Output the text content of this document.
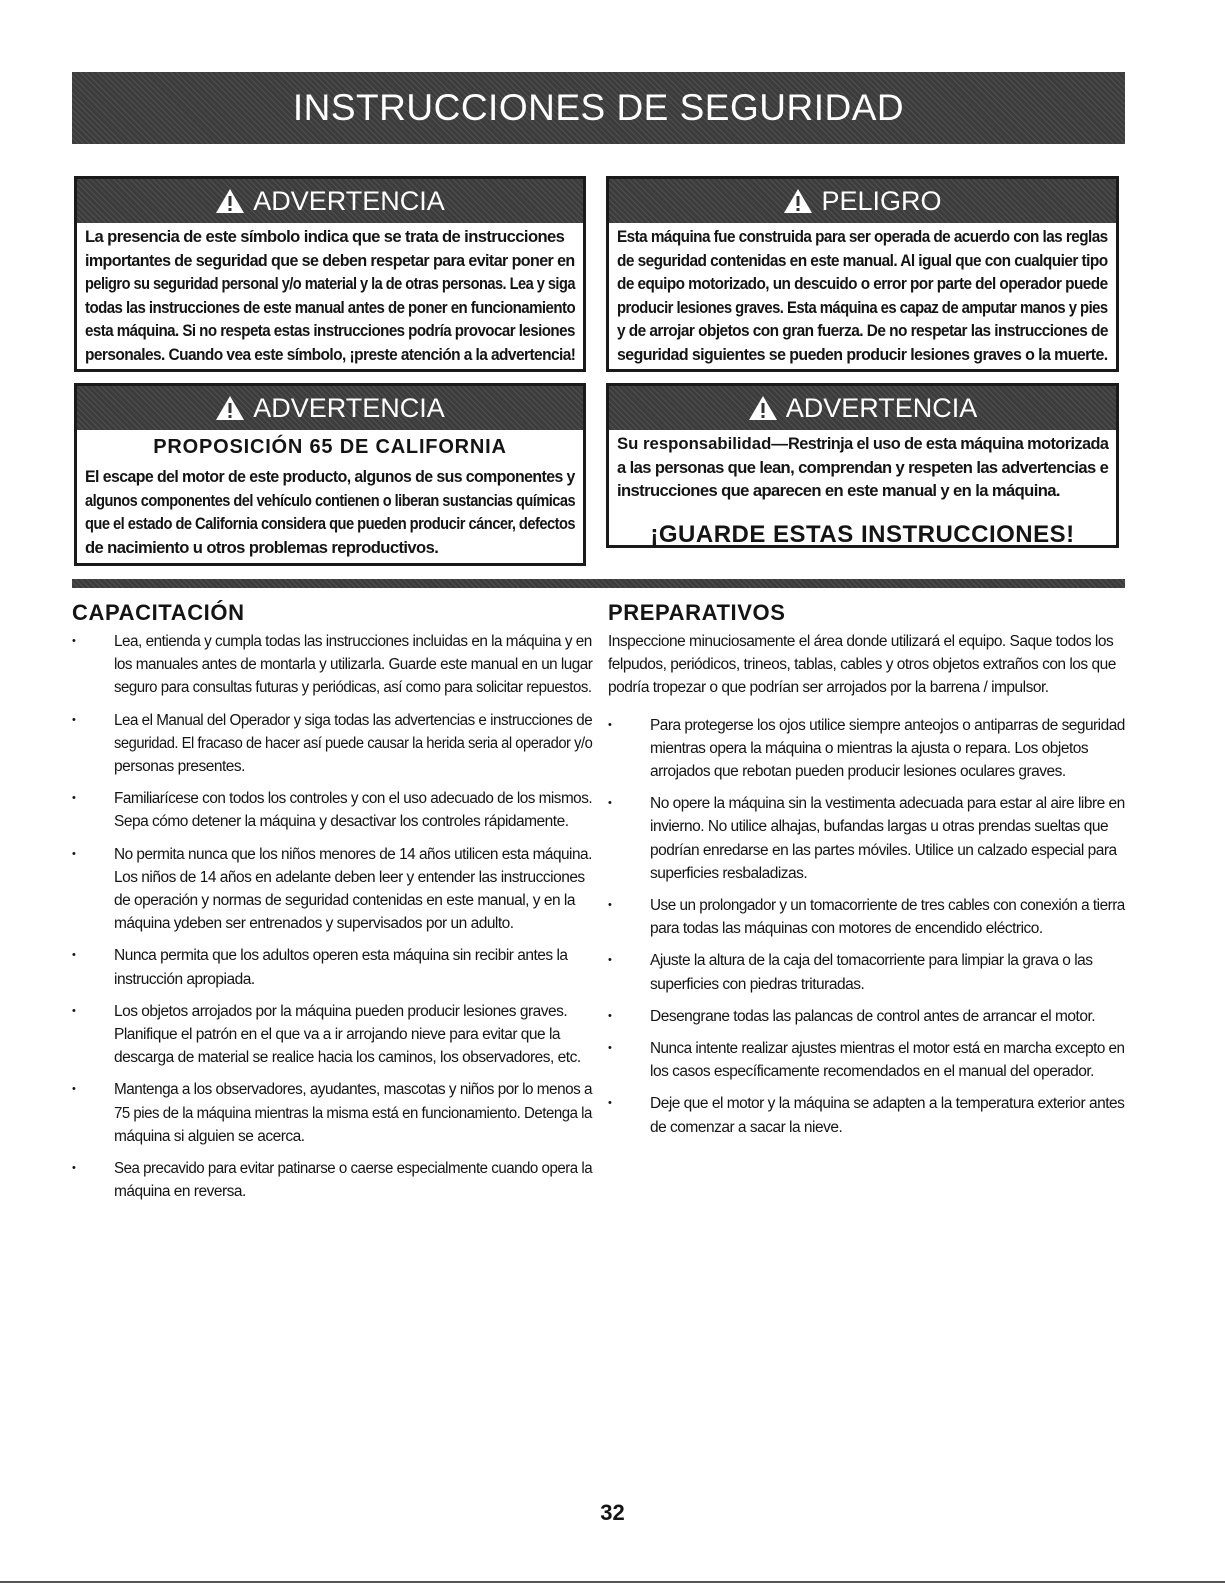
INSTRUCCIONES DE SEGURIDAD
ADVERTENCIA
La presencia de este símbolo indica que se trata de instrucciones
importantes de seguridad que se deben respetar para evitar poner en
peligro su seguridad personal y/o material y la de otras personas. Lea y siga
todas las instrucciones de este manual antes de poner en funcionamiento
esta máquina. Si no respeta estas instrucciones podría provocar lesiones
personales. Cuando vea este símbolo, ¡preste atención a la advertencia!
PELIGRO
Esta máquina fue construida para ser operada de acuerdo con las reglas
de seguridad contenidas en este manual. Al igual que con cualquier tipo
de equipo motorizado, un descuido o error por parte del operador puede
producir lesiones graves. Esta máquina es capaz de amputar manos y pies
y de arrojar objetos con gran fuerza. De no respetar las instrucciones de
seguridad siguientes se pueden producir lesiones graves o la muerte.
ADVERTENCIA
PROPOSICIÓN 65 DE CALIFORNIA
El escape del motor de este producto, algunos de sus componentes y
algunos componentes del vehículo contienen o liberan sustancias químicas
que el estado de California considera que pueden producir cáncer, defectos
de nacimiento u otros problemas reproductivos.
ADVERTENCIA
Su responsabilidad—Restrinja el uso de esta máquina motorizada
a las personas que lean, comprendan y respeten las advertencias e
instrucciones que aparecen en este manual y en la máquina.
¡GUARDE ESTAS INSTRUCCIONES!
CAPACITACIÓN
• Lea, entienda y cumpla todas las instrucciones incluidas en la máquina y en
los manuales antes de montarla y utilizarla. Guarde este manual en un lugar
seguro para consultas futuras y periódicas, así como para solicitar repuestos.
• Lea el Manual del Operador y siga todas las advertencias e instrucciones de
seguridad. El fracaso de hacer así puede causar la herida seria al operador y/o
personas presentes.
• Familiarícese con todos los controles y con el uso adecuado de los mismos.
Sepa cómo detener la máquina y desactivar los controles rápidamente.
• No permita nunca que los niños menores de 14 años utilicen esta máquina.
Los niños de 14 años en adelante deben leer y entender las instrucciones
de operación y normas de seguridad contenidas en este manual, y en la
máquina ydeben ser entrenados y supervisados por un adulto.
• Nunca permita que los adultos operen esta máquina sin recibir antes la
instrucción apropiada.
• Los objetos arrojados por la máquina pueden producir lesiones graves.
Planifique el patrón en el que va a ir arrojando nieve para evitar que la
descarga de material se realice hacia los caminos, los observadores, etc.
• Mantenga a los observadores, ayudantes, mascotas y niños por lo menos a
75 pies de la máquina mientras la misma está en funcionamiento. Detenga la
máquina si alguien se acerca.
• Sea precavido para evitar patinarse o caerse especialmente cuando opera la
máquina en reversa.
PREPARATIVOS
Inspeccione minuciosamente el área donde utilizará el equipo. Saque todos los
felpudos, periódicos, trineos, tablas, cables y otros objetos extraños con los que
podría tropezar o que podrían ser arrojados por la barrena / impulsor.
• Para protegerse los ojos utilice siempre anteojos o antiparras de seguridad
mientras opera la máquina o mientras la ajusta o repara. Los objetos
arrojados que rebotan pueden producir lesiones oculares graves.
• No opere la máquina sin la vestimenta adecuada para estar al aire libre en
invierno. No utilice alhajas, bufandas largas u otras prendas sueltas que
podrían enredarse en las partes móviles. Utilice un calzado especial para
superficies resbaladizas.
• Use un prolongador y un tomacorriente de tres cables con conexión a tierra
para todas las máquinas con motores de encendido eléctrico.
• Ajuste la altura de la caja del tomacorriente para limpiar la grava o las
superficies con piedras trituradas.
• Desengrane todas las palancas de control antes de arrancar el motor.
• Nunca intente realizar ajustes mientras el motor está en marcha excepto en
los casos específicamente recomendados en el manual del operador.
• Deje que el motor y la máquina se adapten a la temperatura exterior antes
de comenzar a sacar la nieve.
32
